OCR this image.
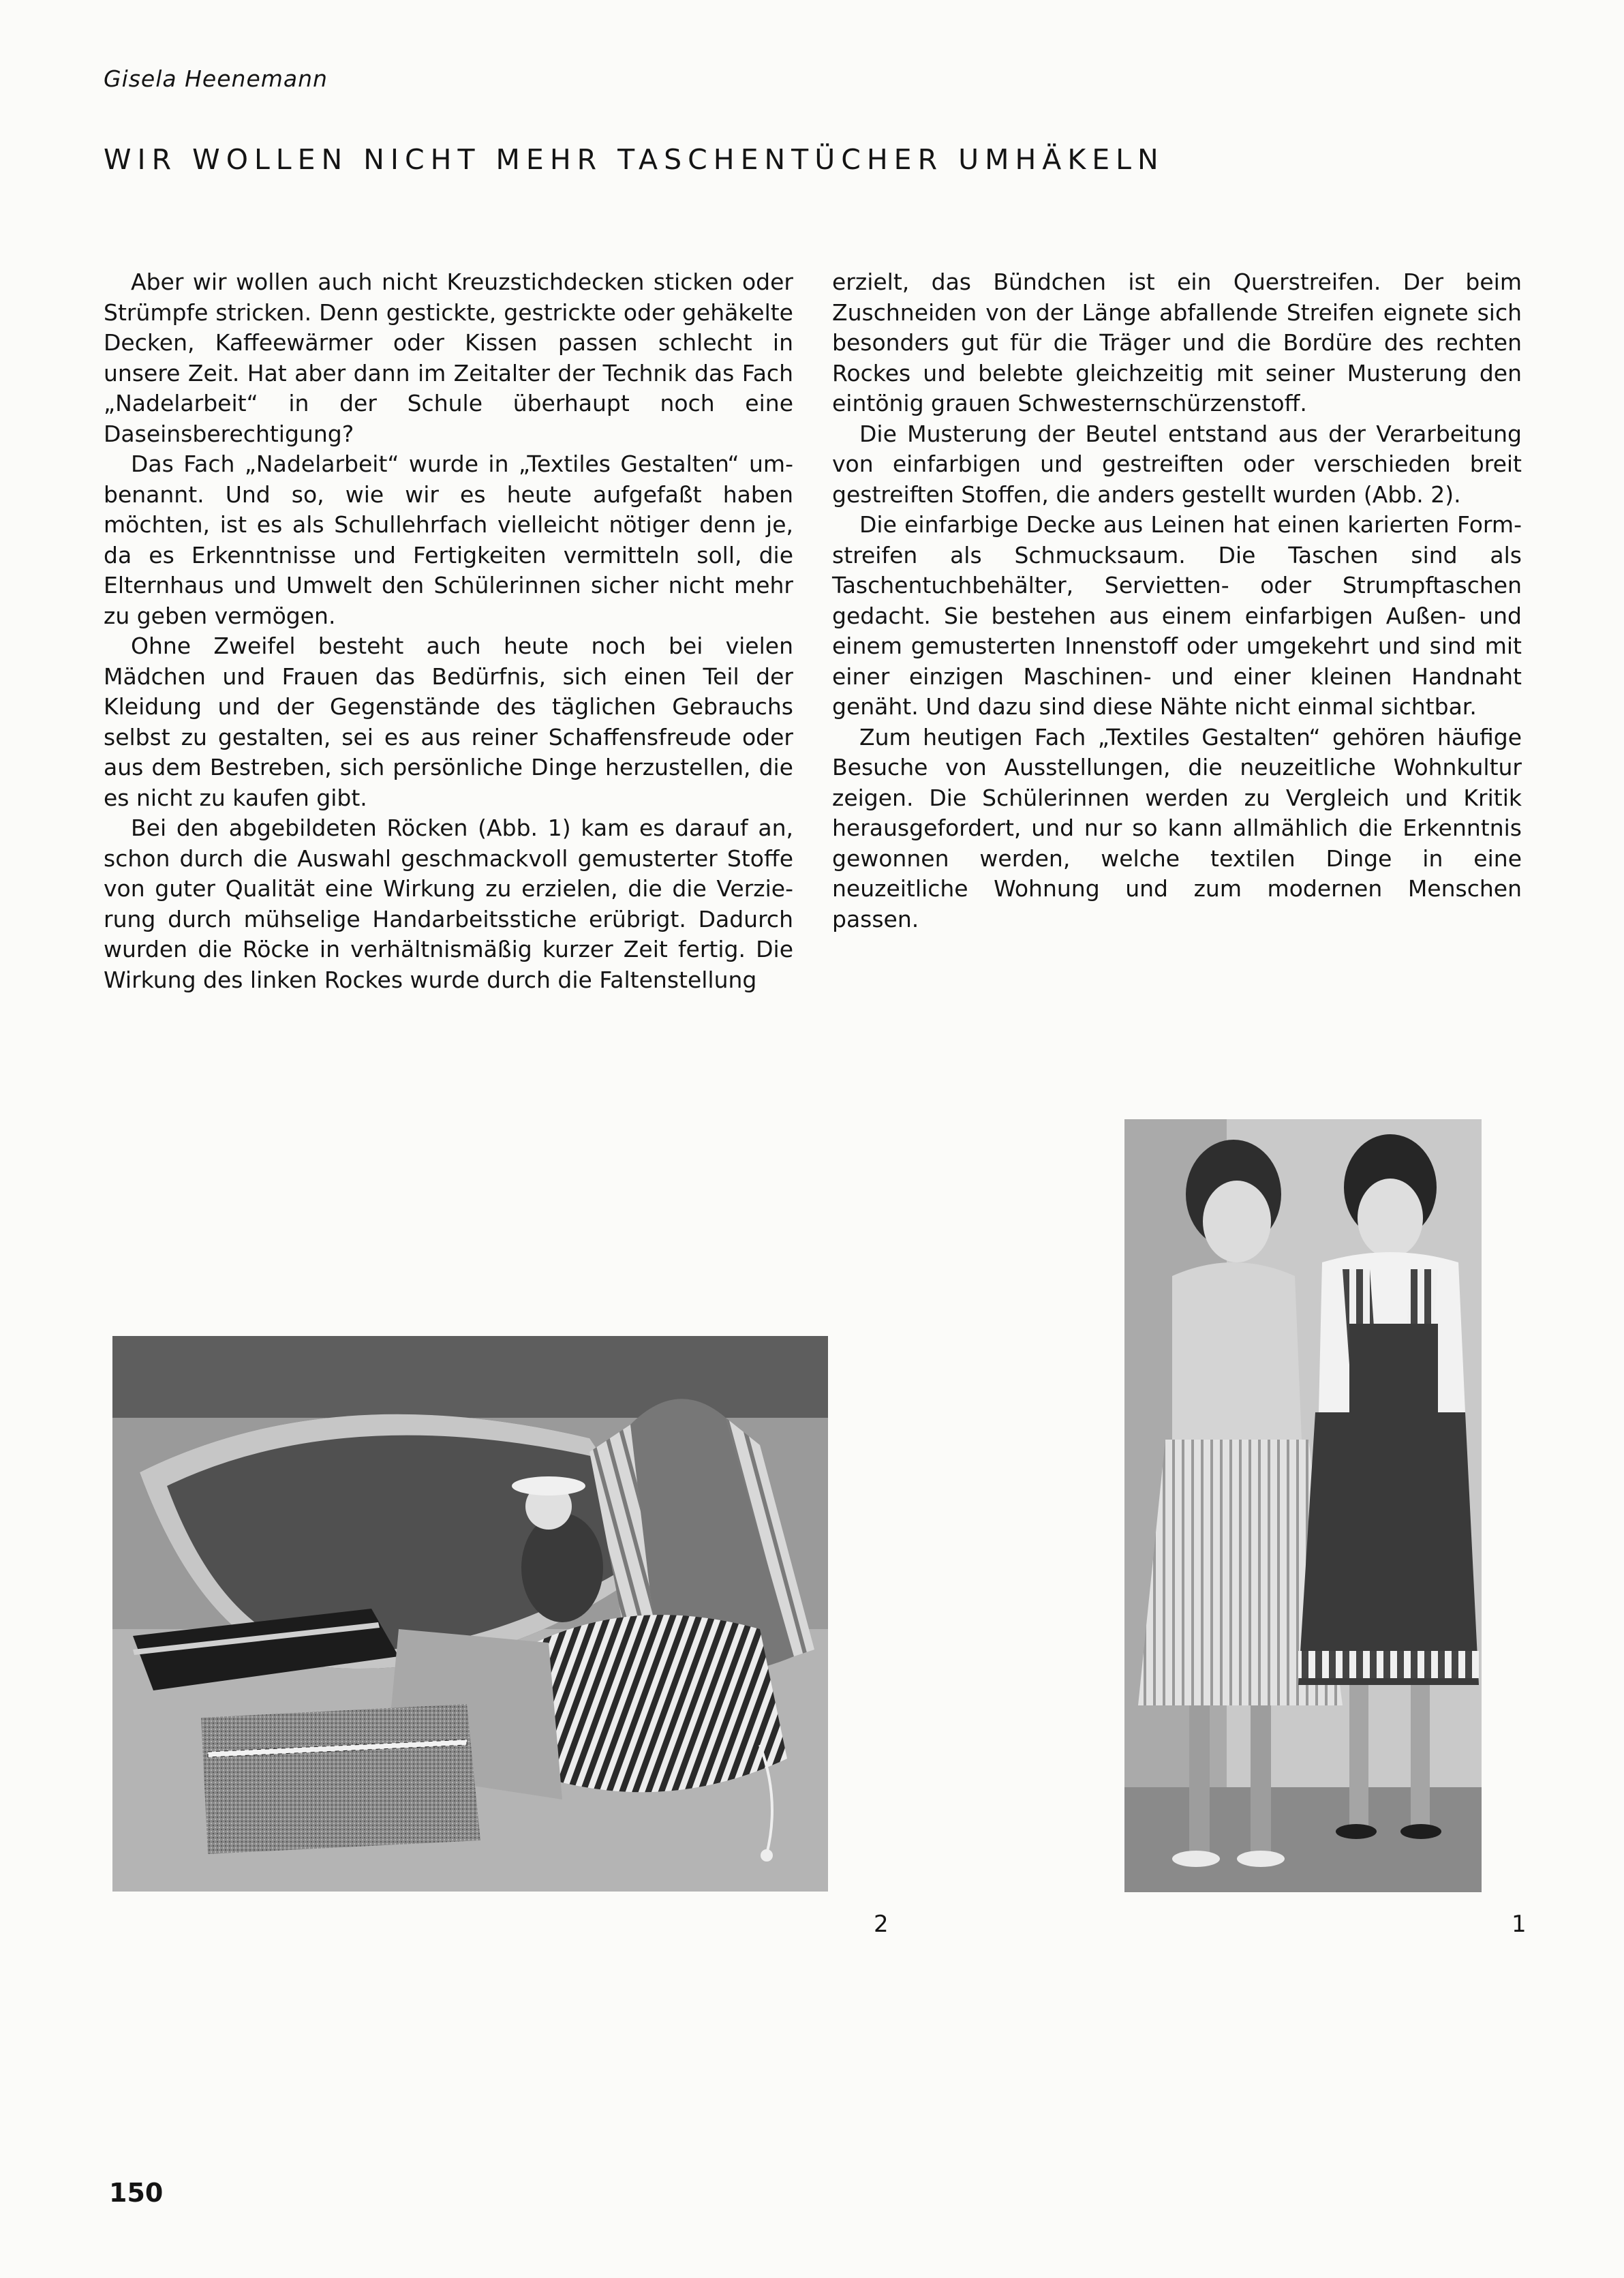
Gisela Heenemann
WIR WOLLEN NICHT MEHR TASCHENTÜCHER UMHÄKELN

Aber wir wollen auch nicht Kreuzstichdecken sticken oder Strümpfe stricken. Denn gestickte, gestrickte oder gehäkelte Decken, Kaffeewärmer oder Kissen passen schlecht in unsere Zeit. Hat aber dann im Zeitalter der Technik das Fach „Nadelarbeit“ in der Schule überhaupt noch eine Daseinsberechtigung?

Das Fach „Nadelarbeit“ wurde in „Textiles Gestalten“ umbenannt. Und so, wie wir es heute aufgefaßt haben möchten, ist es als Schullehrfach vielleicht nötiger denn je, da es Erkenntnisse und Fertigkeiten vermitteln soll, die Elternhaus und Umwelt den Schülerinnen sicher nicht mehr zu geben vermögen.

Ohne Zweifel besteht auch heute noch bei vielen Mädchen und Frauen das Bedürfnis, sich einen Teil der Kleidung und der Gegenstände des täglichen Gebrauchs selbst zu gestalten, sei es aus reiner Schaffensfreude oder aus dem Bestreben, sich persönliche Dinge herzustellen, die es nicht zu kaufen gibt.

Bei den abgebildeten Röcken (Abb. 1) kam es darauf an, schon durch die Auswahl geschmackvoll gemusterter Stoffe von guter Qualität eine Wirkung zu erzielen, die die Verzierung durch mühselige Handarbeitsstiche erübrigt. Dadurch wurden die Röcke in verhältnismäßig kurzer Zeit fertig. Die Wirkung des linken Rockes wurde durch die Faltenstellung

erzielt, das Bündchen ist ein Querstreifen. Der beim Zuschneiden von der Länge abfallende Streifen eignete sich besonders gut für die Träger und die Bordüre des rechten Rockes und belebte gleichzeitig mit seiner Musterung den eintönig grauen Schwesternschürzenstoff.

Die Musterung der Beutel entstand aus der Verarbeitung von einfarbigen und gestreiften oder verschieden breit gestreiften Stoffen, die anders gestellt wurden (Abb. 2).

Die einfarbige Decke aus Leinen hat einen karierten Formstreifen als Schmucksaum. Die Taschen sind als Taschentuchbehälter, Servietten- oder Strumpftaschen gedacht. Sie bestehen aus einem einfarbigen Außen- und einem gemusterten Innenstoff oder umgekehrt und sind mit einer einzigen Maschinen- und einer kleinen Handnaht genäht. Und dazu sind diese Nähte nicht einmal sichtbar.

Zum heutigen Fach „Textiles Gestalten“ gehören häufige Besuche von Ausstellungen, die neuzeitliche Wohnkultur zeigen. Die Schülerinnen werden zu Vergleich und Kritik herausgefordert, und nur so kann allmählich die Erkenntnis gewonnen werden, welche textilen Dinge in eine neuzeitliche Wohnung und zum modernen Menschen passen.

2	1
150
